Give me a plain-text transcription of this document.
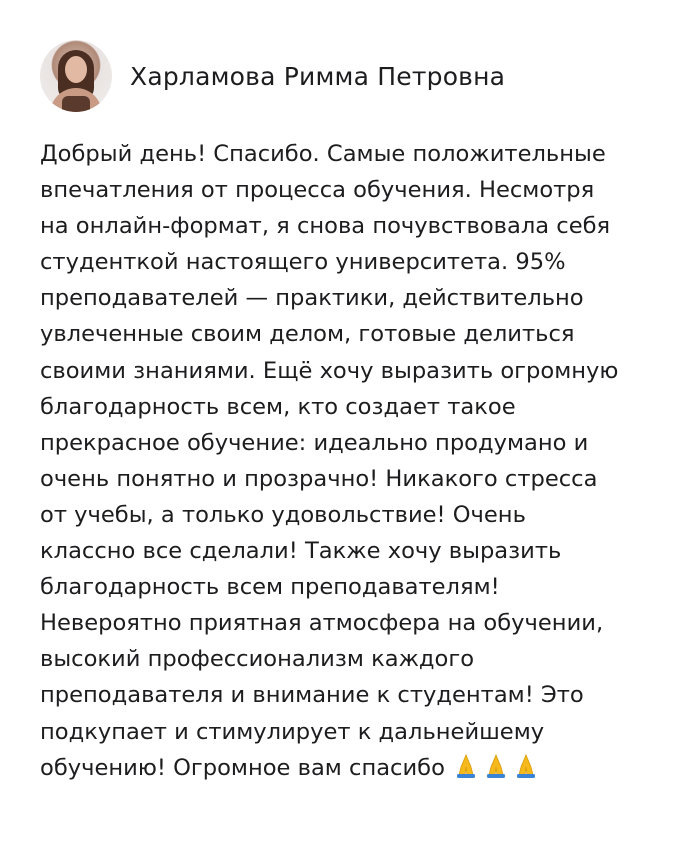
Харламова Римма Петровна

Добрый день! Спасибо. Самые положительные
впечатления от процесса обучения. Несмотря
на онлайн-формат, я снова почувствовала себя
студенткой настоящего университета. 95%
преподавателей — практики, действительно
увлеченные своим делом, готовые делиться
своими знаниями. Ещё хочу выразить огромную
благодарность всем, кто создает такое
прекрасное обучение: идеально продумано и
очень понятно и прозрачно! Никакого стресса
от учебы, а только удовольствие! Очень
классно все сделали! Также хочу выразить
благодарность всем преподавателям!
Невероятно приятная атмосфера на обучении,
высокий профессионализм каждого
преподавателя и внимание к студентам! Это
подкупает и стимулирует к дальнейшему
обучению! Огромное вам спасибо
